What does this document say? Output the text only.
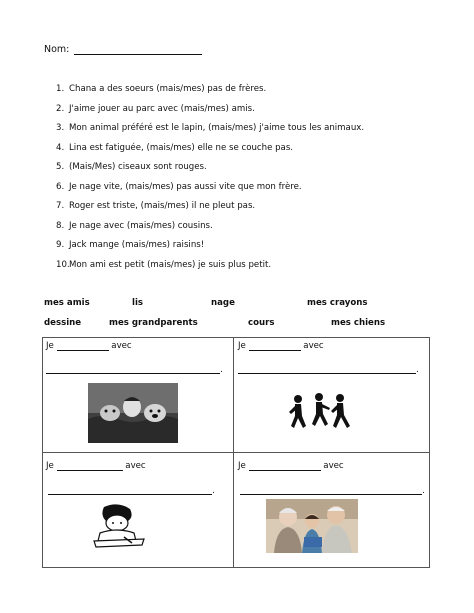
Nom:
1. Chana a des soeurs (mais/mes) pas de frères.
2. J'aime jouer au parc avec (mais/mes) amis.
3. Mon animal préféré est le lapin, (mais/mes) j'aime tous les animaux.
4. Lina est fatiguée, (mais/mes) elle ne se couche pas.
5. (Mais/Mes) ciseaux sont rouges.
6. Je nage vite, (mais/mes) pas aussi vite que mon frère.
7. Roger est triste, (mais/mes) il ne pleut pas.
8. Je nage avec (mais/mes) cousins.
9. Jack mange (mais/mes) raisins!
10. Mon ami est petit (mais/mes) je suis plus petit.
mes amis	lis	nage	mes crayons
dessine	mes grandparents	cours	mes chiens
Je	avec
.
Je	avec
.
Je	avec
.
Je	avec
.
